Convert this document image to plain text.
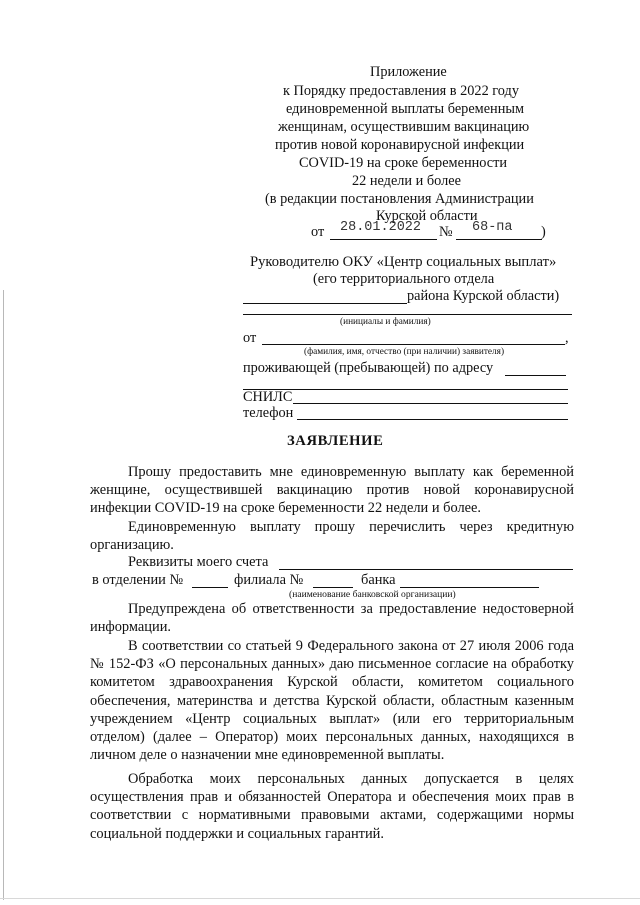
Приложение
к Порядку предоставления в 2022 году
единовременной выплаты беременным
женщинам, осуществившим вакцинацию
против новой коронавирусной инфекции
COVID-19 на сроке беременности
22 недели и более
(в редакции постановления Администрации
Курской области
от 28.01.2022 № 68-па )
Руководителю ОКУ «Центр социальных выплат»
(его территориального отдела
района Курской области)
(инициалы и фамилия)
от	,
(фамилия, имя, отчество (при наличии) заявителя)
проживающей (пребывающей) по адресу
СНИЛС
телефон
ЗАЯВЛЕНИЕ

Прошу предоставить мне единовременную выплату как беременной женщине, осуществившей вакцинацию против новой коронавирусной инфекции COVID-19 на сроке беременности 22 недели и более.

Единовременную выплату прошу перечислить через кредитную организацию.

Реквизиты моего счета
в отделении №	филиала №	банка
(наименование банковской организации)

Предупреждена об ответственности за предоставление недостоверной информации.

В соответствии со статьей 9 Федерального закона от 27 июля 2006 года № 152-ФЗ «О персональных данных» даю письменное согласие на обработку комитетом здравоохранения Курской области, комитетом социального обеспечения, материнства и детства Курской области, областным казенным учреждением «Центр социальных выплат» (или его территориальным отделом) (далее – Оператор) моих персональных данных, находящихся в личном деле о назначении мне единовременной выплаты.

Обработка моих персональных данных допускается в целях осуществления прав и обязанностей Оператора и обеспечения моих прав в соответствии с нормативными правовыми актами, содержащими нормы социальной поддержки и социальных гарантий.
